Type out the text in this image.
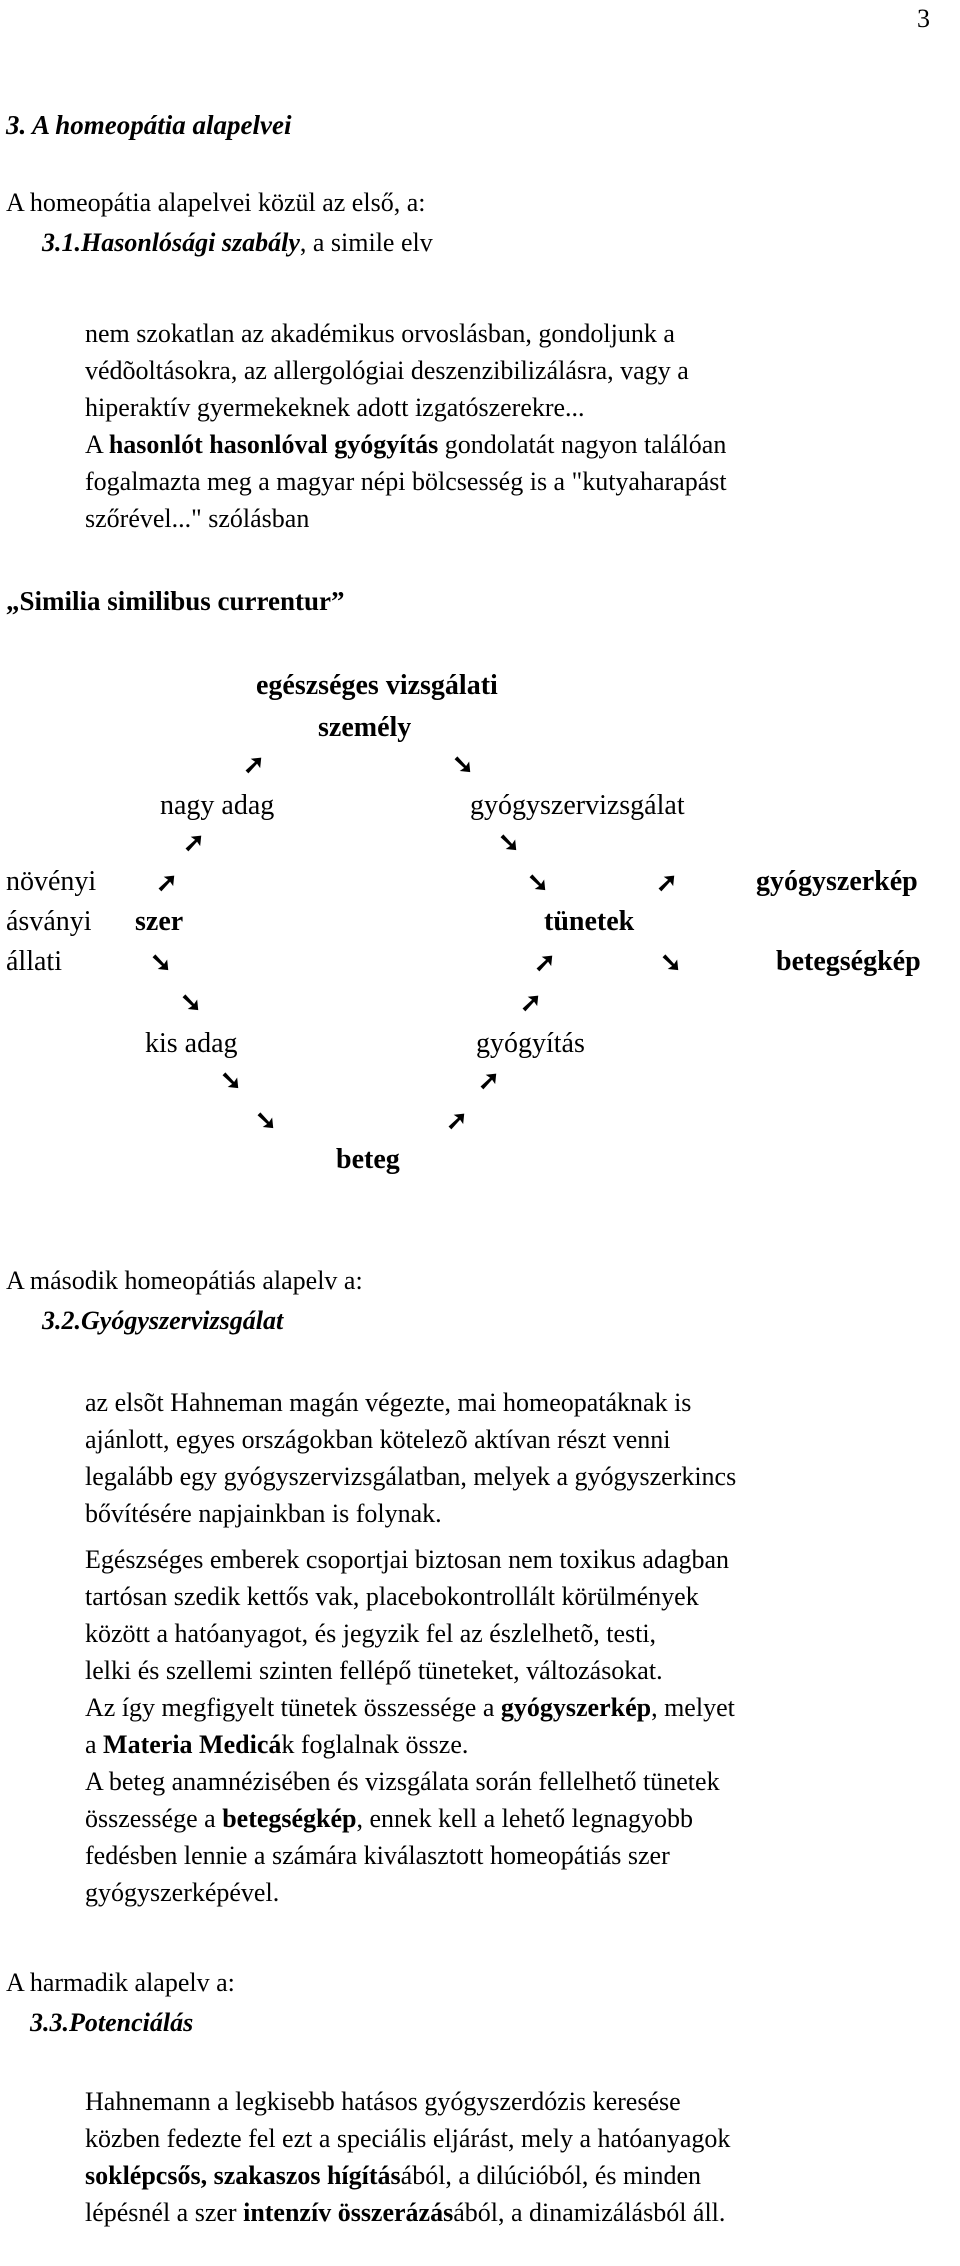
3
3. A homeopátia alapelvei
A homeopátia alapelvei közül az első, a:
3.1.Hasonlósági szabály, a simile elv
nem szokatlan az akadémikus orvoslásban, gondoljunk a
védõoltásokra, az allergológiai deszenzibilizálásra, vagy a
hiperaktív gyermekeknek adott izgatószerekre...
A hasonlót hasonlóval gyógyítás gondolatát nagyon találóan
fogalmazta meg a magyar népi bölcsesség is a "kutyaharapást
szőrével..." szólásban
„Similia similibus currentur”
egészséges vizsgálati
személy
➚	➘
nagy adag	gyógyszervizsgálat
➚	➘
növényi ➚	➘	➚	gyógyszerkép
ásványi szer	tünetek
állati	➘	➚	➘	betegségkép
➘	➚
kis adag	gyógyítás
➘	➚
➘	➚
beteg
A második homeopátiás alapelv a:
3.2.Gyógyszervizsgálat
az elsõt Hahneman magán végezte, mai homeopatáknak is
ajánlott, egyes országokban kötelezõ aktívan részt venni
legalább egy gyógyszervizsgálatban, melyek a gyógyszerkincs
bővítésére napjainkban is folynak.
Egészséges emberek csoportjai biztosan nem toxikus adagban
tartósan szedik kettős vak, placebokontrollált körülmények
között a hatóanyagot, és jegyzik fel az észlelhetõ, testi,
lelki és szellemi szinten fellépő tüneteket, változásokat.
Az így megfigyelt tünetek összessége a gyógyszerkép, melyet
a Materia Medicák foglalnak össze.
A beteg anamnézisében és vizsgálata során fellelhető tünetek
összessége a betegségkép, ennek kell a lehető legnagyobb
fedésben lennie a számára kiválasztott homeopátiás szer
gyógyszerképével.
A harmadik alapelv a:
3.3.Potenciálás
Hahnemann a legkisebb hatásos gyógyszerdózis keresése
közben fedezte fel ezt a speciális eljárást, mely a hatóanyagok
soklépcsős, szakaszos hígításából, a dilúcióból, és minden
lépésnél a szer intenzív összerázásából, a dinamizálásból áll.
